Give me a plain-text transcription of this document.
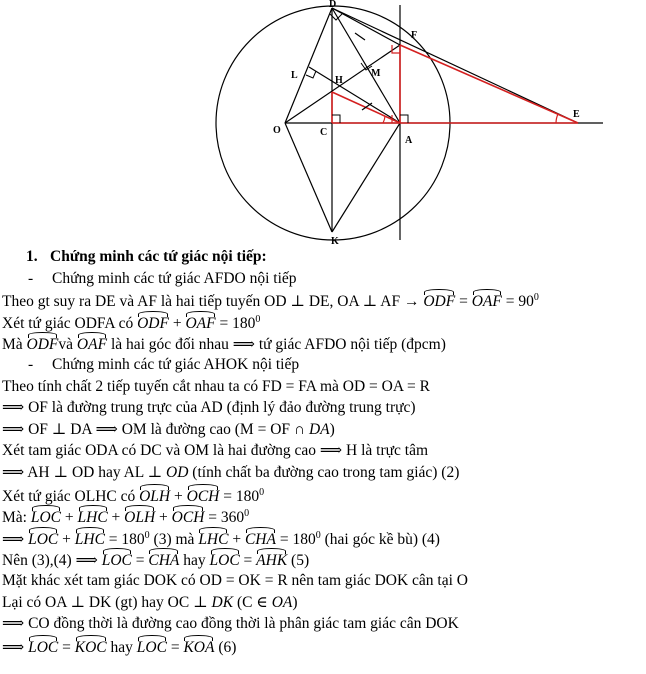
D
F
L	M
H
O	C
A
E
K
1. Chứng minh các tứ giác nội tiếp:
- Chứng minh các tứ giác AFDO nội tiếp
Theo gt suy ra DE và AF là hai tiếp tuyến OD ⊥ DE, OA ⊥ AF → ODF = OAF = $90^0$
Xét tứ giác ODFA có ODF + OAF = $180^0$
Mà ODFvà OAF là hai góc đối nhau ⟹ tứ giác AFDO nội tiếp (đpcm)
- Chứng minh các tứ giác AHOK nội tiếp
Theo tính chất 2 tiếp tuyến cắt nhau ta có FD = FA mà OD = OA = R
⟹ OF là đường trung trực của AD (định lý đảo đường trung trực)
⟹ OF ⊥ DA ⟹ OM là đường cao (M = OF ∩ DA)
Xét tam giác ODA có DC và OM là hai đường cao ⟹ H là trực tâm
⟹ AH ⊥ OD hay AL ⊥ OD (tính chất ba đường cao trong tam giác) (2)
Xét tứ giác OLHC có OLH + OCH = $180^0$
Mà: LOC + LHC + OLH + OCH = $360^0$
⟹ LOC + LHC = $180^0$ (3) mà LHC + CHA = $180^0$ (hai góc kề bù) (4)
Nên (3),(4) ⟹ LOC = CHA hay LOC = AHK (5)
Mặt khác xét tam giác DOK có OD = OK = R nên tam giác DOK cân tại O
Lại có OA ⊥ DK (gt) hay OC ⊥ DK (C ∈ OA)
⟹ CO đồng thời là đường cao đồng thời là phân giác tam giác cân DOK
⟹ LOC = KOC hay LOC = KOA (6)
